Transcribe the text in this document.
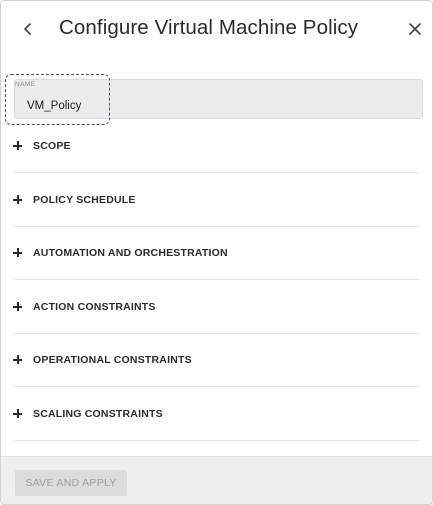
Configure Virtual Machine Policy
NAME
VM_Policy
SCOPE
POLICY SCHEDULE
AUTOMATION AND ORCHESTRATION
ACTION CONSTRAINTS
OPERATIONAL CONSTRAINTS
SCALING CONSTRAINTS
SAVE AND APPLY
